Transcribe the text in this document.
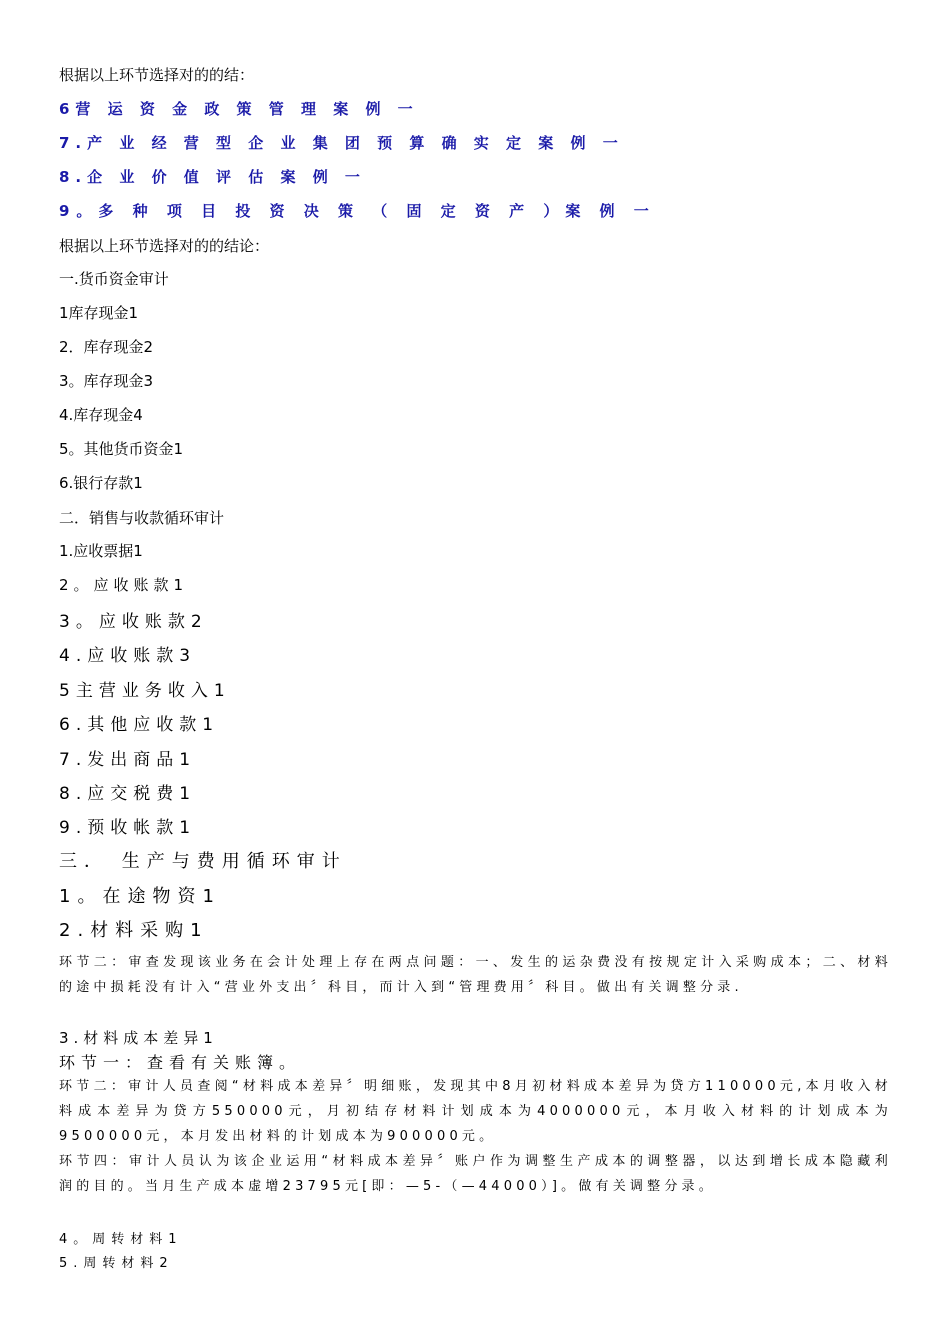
根据以上环节选择对的的结：
6营 运 资 金 政 策 管 理 案 例 一
7.产 业 经 营 型 企 业 集 团 预 算 确 实 定 案 例 一
8.企 业 价 值 评 估 案 例 一
9。多 种 项 目 投 资 决 策 （ 固 定 资 产 ）案 例 一
根据以上环节选择对的的结论：
一.货币资金审计
1库存现金1
2．库存现金2
3。库存现金3
4.库存现金4
5。其他货币资金1
6.银行存款1
二．销售与收款循环审计
1.应收票据1
2。应收账款1
3。应收账款2
4.应收账款3
5主营业务收入1
6.其他应收款1
7.发出商品1
8.应交税费1
9.预收帐款1
三． 生产与费用循环审计
1。在途物资1
2.材料采购1
环节二：审查发现该业务在会计处理上存在两点问题：一、发生的运杂费没有按规定计入采购成本；二、材料的途中损耗没有计入“营业外支出〞科目，而计入到“管理费用〞科目。做出有关调整分录.
3.材料成本差异1
环节一：查看有关账簿。
环节二：审计人员查阅“材料成本差异〞明细账，发现其中8月初材料成本差异为贷方110000元,本月收入材料成本差异为贷方550000元，月初结存材料计划成本为4000000元，本月收入材料的计划成本为9500000元，本月发出材料的计划成本为900000元。
环节四：审计人员认为该企业运用“材料成本差异〞账户作为调整生产成本的调整器，以达到增长成本隐藏利润的目的。当月生产成本虚增23795元[即：—5-（—44000）]。做有关调整分录。
4。周转材料1
5.周转材料2
